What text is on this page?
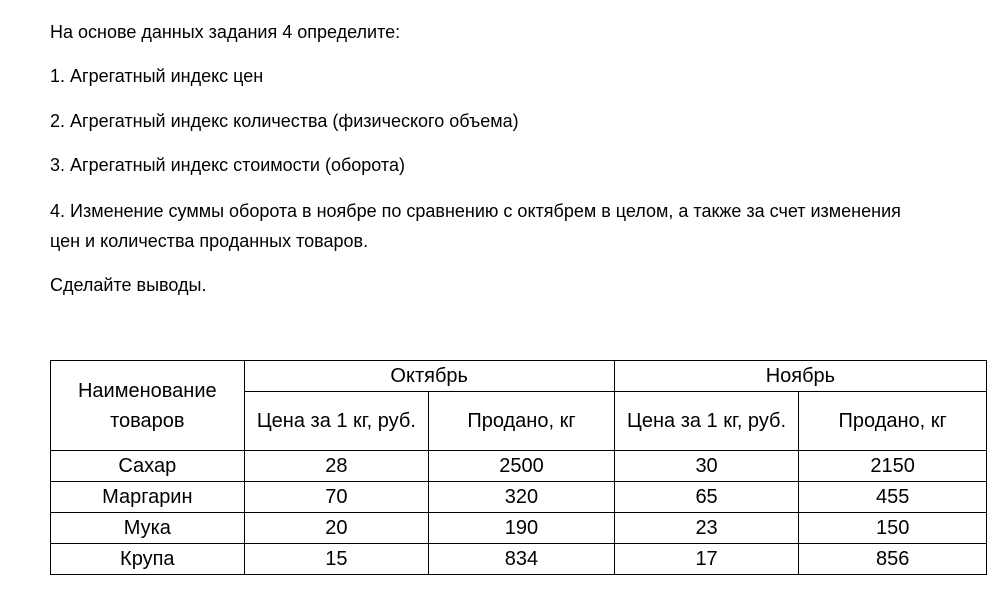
На основе данных задания 4 определите:

1. Агрегатный индекс цен

2. Агрегатный индекс количества (физического объема)

3. Агрегатный индекс стоимости (оборота)

4. Изменение суммы оборота в ноябре по сравнению с октябрем в целом, а также за счет изменения цен и количества проданных товаров.

Сделайте выводы.

Наименование товаров	Октябрь		Ноябрь	
	Цена за 1 кг, руб.	Продано, кг	Цена за 1 кг, руб.	Продано, кг
Сахар	28	2500	30	2150
Маргарин	70	320	65	455
Мука	20	190	23	150
Крупа	15	834	17	856
